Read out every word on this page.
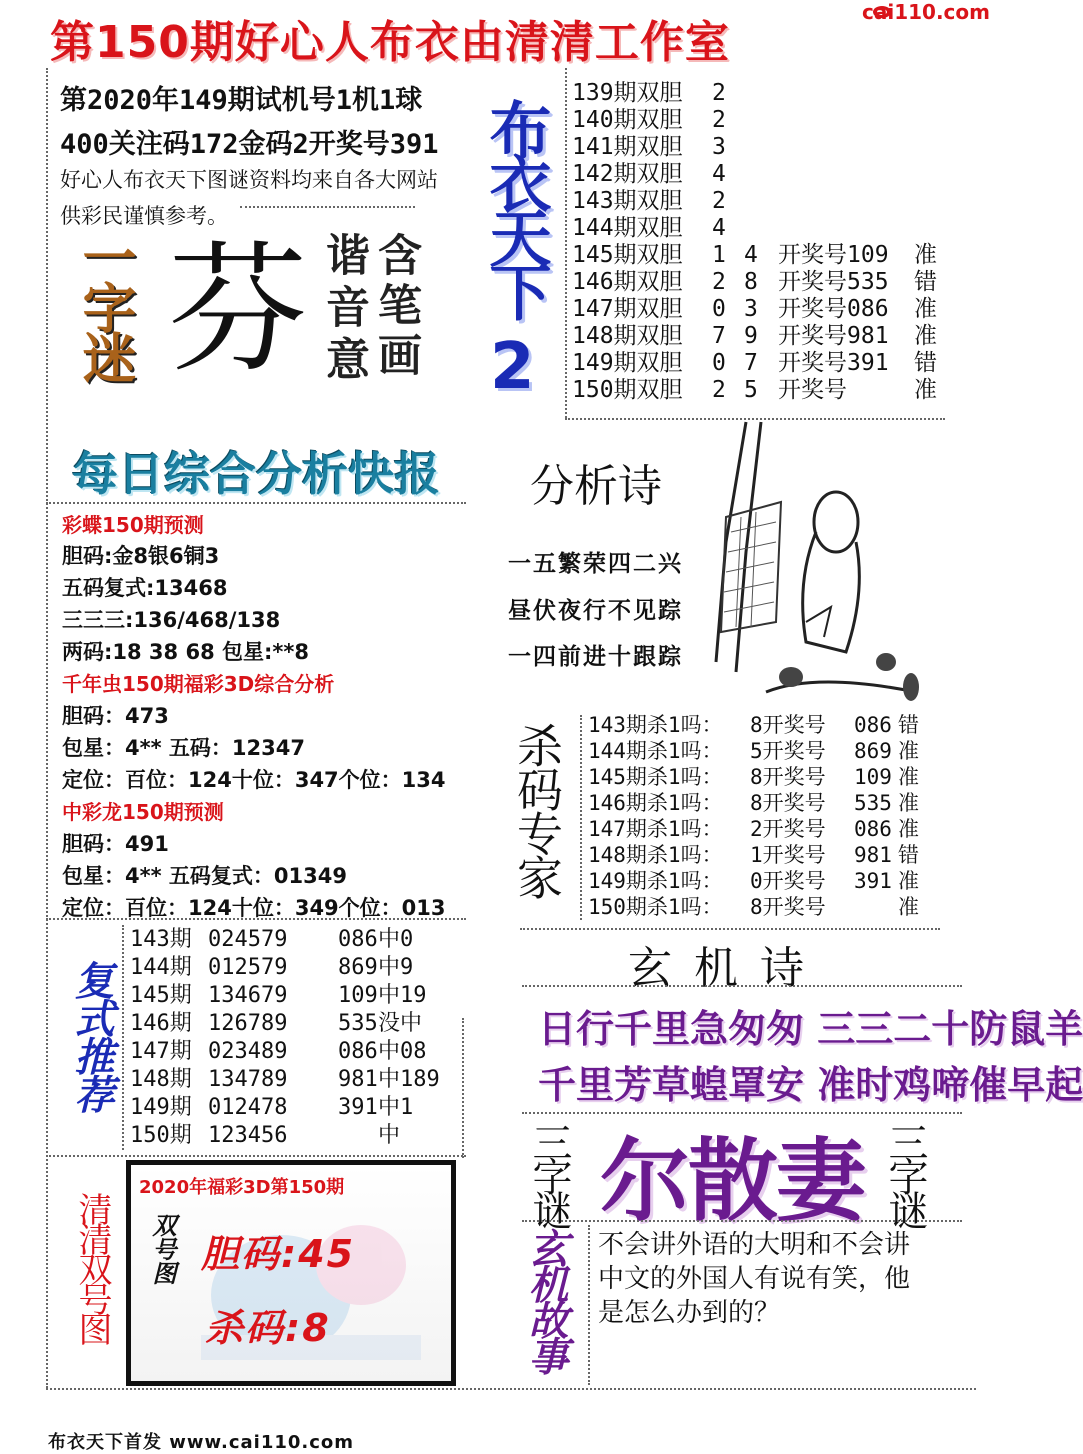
第150期好心人布衣由清清工作室
cai110.com
第2020年149期试机号1机1球
400关注码172金码2开奖号391
好心人布衣天下图谜资料均来自各大网站
供彩民谨慎参考。	布衣天下
2
139期双胆 2
140期双胆 2
141期双胆 3
142期双胆 4
143期双胆 2
144期双胆 4
145期双胆 1 4 开奖号109 准
146期双胆 2 8 开奖号535 错
147期双胆 0 3 开奖号086 准
148期双胆 7 9 开奖号981 准
149期双胆 0 7 开奖号391 错
150期双胆 2 5 开奖号	准
一字迷 芬 谐音意 含笔画
每日综合分析快报
彩蝶150期预测
胆码:金8银6铜3
五码复式:13468
三三三:136/468/138
两码:18 38 68 包星:**8
千年虫150期福彩3D综合分析
胆码：473
包星：4** 五码：12347
定位：百位：124十位：347个位：134
中彩龙150期预测
胆码：491
包星：4** 五码复式：01349
定位：百位：124十位：349个位：013
分析诗
一五繁荣四二兴
昼伏夜行不见踪
一四前进十跟踪
杀码专家 143期杀1吗： 8开奖号 086 错
144期杀1吗： 5开奖号 869 准
145期杀1吗： 8开奖号 109 准
146期杀1吗： 8开奖号 535 准
147期杀1吗： 2开奖号 086 准
148期杀1吗： 1开奖号 981 错
149期杀1吗： 0开奖号 391 准
150期杀1吗： 8开奖号	准
复式推荐
143期 024579 086 中0
144期 012579 869 中9
145期 134679 109 中19
146期 126789 535 没中
147期 023489 086 中08
148期 134789 981 中189
149期 012478 391 中1
150期 123456	中
玄 机 诗
日行千里急匆匆 三三二十防鼠羊
千里芳草蝗罩安 准时鸡啼催早起
三字谜 尔散妻 三字谜
清清双号图
2020年福彩3D第150期
双号图 胆码:45
杀码:8	玄机故事 不会讲外语的大明和不会讲中文的外国人有说有笑，他是怎么办到的？
布衣天下首发 www.cai110.com
